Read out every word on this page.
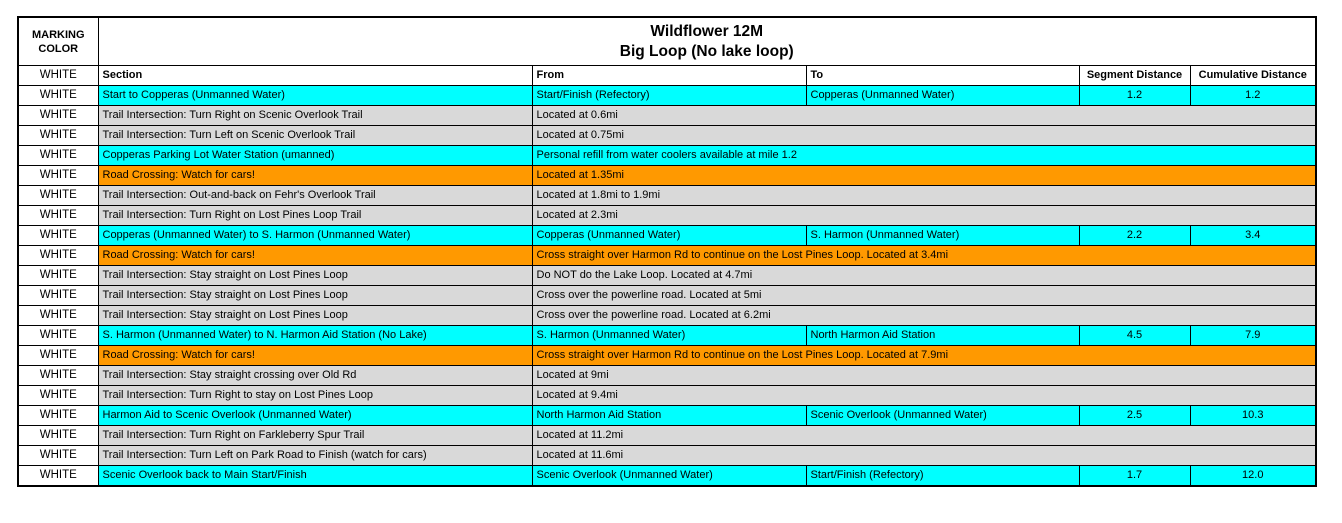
MARKING COLOR	Wildflower 12M
Big Loop (No lake loop)				

WHITE	Section	From	To	Segment Distance	Cumulative Distance
WHITE	Start to Copperas (Unmanned Water)	Start/Finish (Refectory)	Copperas (Unmanned Water)	1.2	1.2
WHITE	Trail Intersection: Turn Right on Scenic Overlook Trail	Located at 0.6mi			
WHITE	Trail Intersection: Turn Left on Scenic Overlook Trail	Located at 0.75mi			
WHITE	Copperas Parking Lot Water Station (umanned)	Personal refill from water coolers available at mile 1.2			
WHITE	Road Crossing: Watch for cars!	Located at 1.35mi			
WHITE	Trail Intersection: Out-and-back on Fehr's Overlook Trail	Located at 1.8mi to 1.9mi			
WHITE	Trail Intersection: Turn Right on Lost Pines Loop Trail	Located at 2.3mi			
WHITE	Copperas (Unmanned Water) to S. Harmon (Unmanned Water)	Copperas (Unmanned Water)	S. Harmon (Unmanned Water)	2.2	3.4
WHITE	Road Crossing: Watch for cars!	Cross straight over Harmon Rd to continue on the Lost Pines Loop. Located at 3.4mi			
WHITE	Trail Intersection: Stay straight on Lost Pines Loop	Do NOT do the Lake Loop. Located at 4.7mi			
WHITE	Trail Intersection: Stay straight on Lost Pines Loop	Cross over the powerline road. Located at 5mi			
WHITE	Trail Intersection: Stay straight on Lost Pines Loop	Cross over the powerline road. Located at 6.2mi			
WHITE	S. Harmon (Unmanned Water) to N. Harmon Aid Station (No Lake)	S. Harmon (Unmanned Water)	North Harmon Aid Station	4.5	7.9
WHITE	Road Crossing: Watch for cars!	Cross straight over Harmon Rd to continue on the Lost Pines Loop. Located at 7.9mi			
WHITE	Trail Intersection: Stay straight crossing over Old Rd	Located at 9mi			
WHITE	Trail Intersection: Turn Right to stay on Lost Pines Loop	Located at 9.4mi			
WHITE	Harmon Aid to Scenic Overlook (Unmanned Water)	North Harmon Aid Station	Scenic Overlook (Unmanned Water)	2.5	10.3
WHITE	Trail Intersection: Turn Right on Farkleberry Spur Trail	Located at 11.2mi			
WHITE	Trail Intersection: Turn Left on Park Road to Finish (watch for cars)	Located at 11.6mi			
WHITE	Scenic Overlook back to Main Start/Finish	Scenic Overlook (Unmanned Water)	Start/Finish (Refectory)	1.7	12.0
